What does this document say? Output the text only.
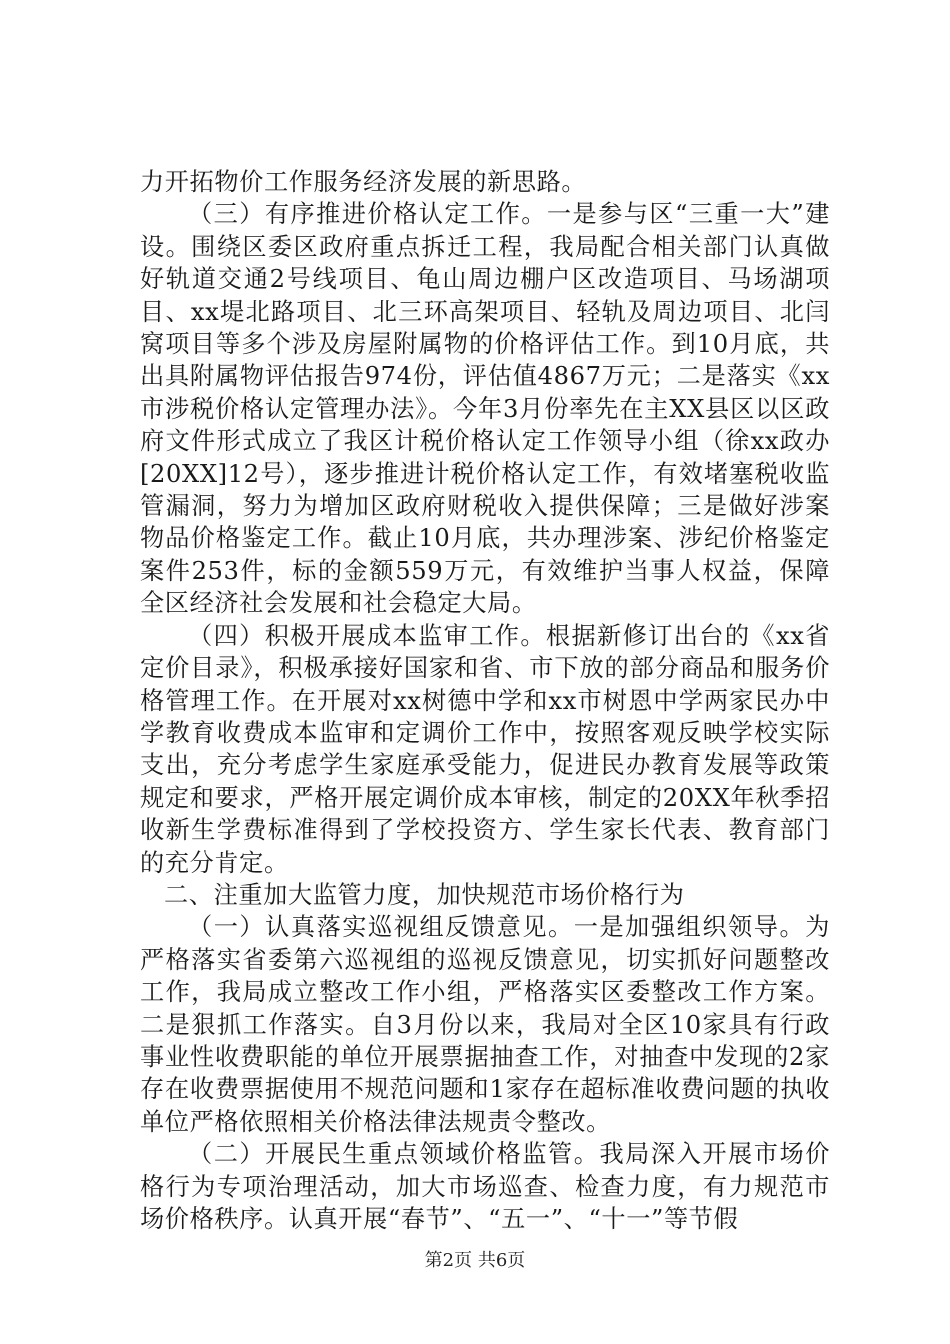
力开拓物价工作服务经济发展的新思路。

（三）有序推进价格认定工作。一是参与区“三重一大”建设。围绕区委区政府重点拆迁工程，我局配合相关部门认真做好轨道交通2号线项目、龟山周边棚户区改造项目、马场湖项目、xx堤北路项目、北三环高架项目、轻轨及周边项目、北闫窝项目等多个涉及房屋附属物的价格评估工作。到10月底，共出具附属物评估报告974份，评估值4867万元；二是落实《xx市涉税价格认定管理办法》。今年3月份率先在主XX县区以区政府文件形式成立了我区计税价格认定工作领导小组（徐xx政办[20XX]12号），逐步推进计税价格认定工作，有效堵塞税收监管漏洞，努力为增加区政府财税收入提供保障；三是做好涉案物品价格鉴定工作。截止10月底，共办理涉案、涉纪价格鉴定案件253件，标的金额559万元，有效维护当事人权益，保障全区经济社会发展和社会稳定大局。

（四）积极开展成本监审工作。根据新修订出台的《xx省定价目录》，积极承接好国家和省、市下放的部分商品和服务价格管理工作。在开展对xx树德中学和xx市树恩中学两家民办中学教育收费成本监审和定调价工作中，按照客观反映学校实际支出，充分考虑学生家庭承受能力，促进民办教育发展等政策规定和要求，严格开展定调价成本审核，制定的20XX年秋季招收新生学费标准得到了学校投资方、学生家长代表、教育部门的充分肯定。

二、注重加大监管力度，加快规范市场价格行为

（一）认真落实巡视组反馈意见。一是加强组织领导。为严格落实省委第六巡视组的巡视反馈意见，切实抓好问题整改工作，我局成立整改工作小组，严格落实区委整改工作方案。二是狠抓工作落实。自3月份以来，我局对全区10家具有行政事业性收费职能的单位开展票据抽查工作，对抽查中发现的2家存在收费票据使用不规范问题和1家存在超标准收费问题的执收单位严格依照相关价格法律法规责令整改。

（二）开展民生重点领域价格监管。我局深入开展市场价格行为专项治理活动，加大市场巡查、检查力度，有力规范市场价格秩序。认真开展“春节”、“五一”、“十一”等节假

第2页 共6页
